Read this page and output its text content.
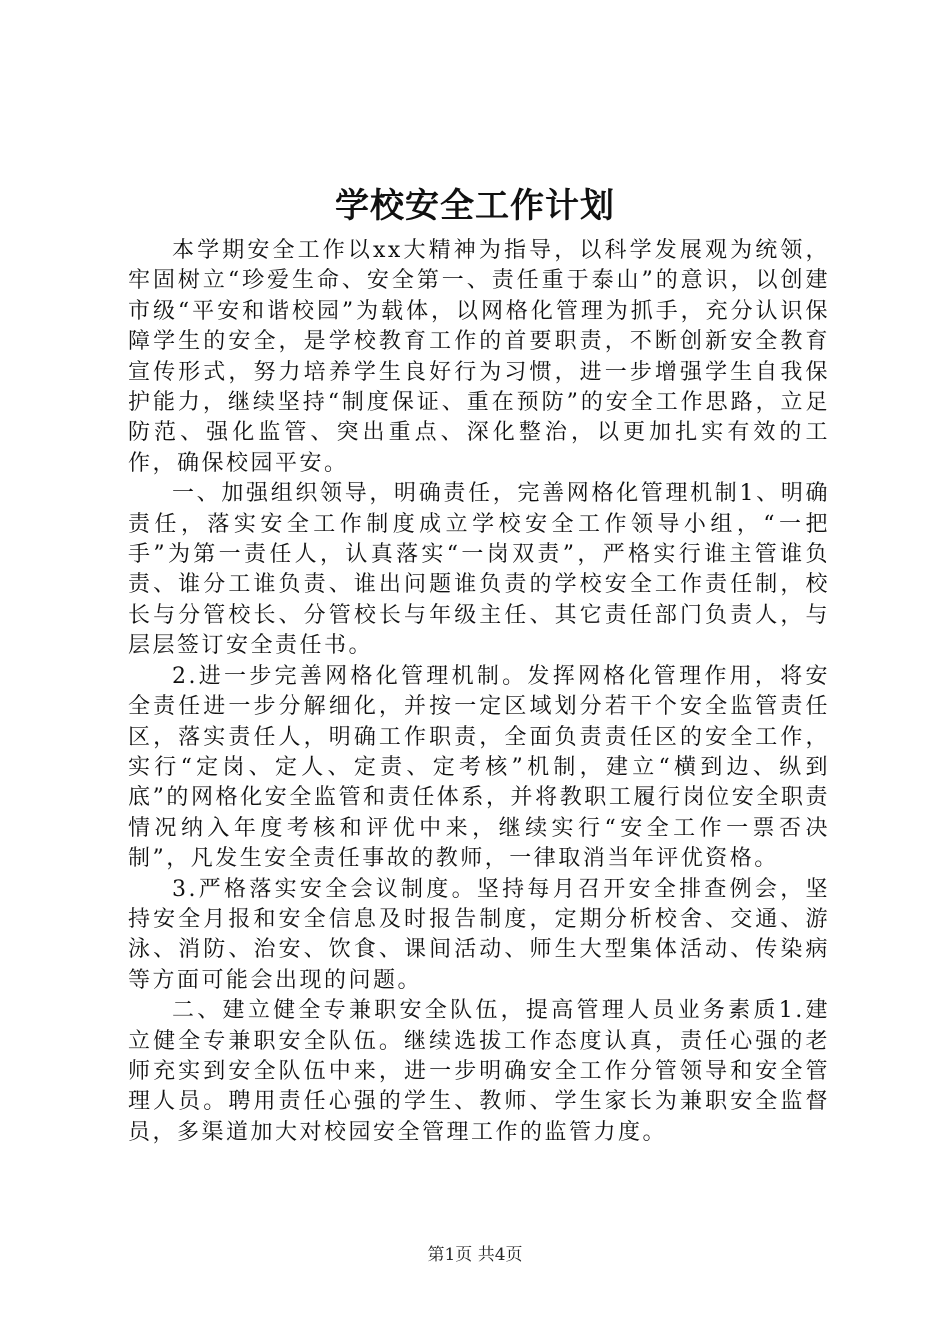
学校安全工作计划

本学期安全工作以xx大精神为指导，以科学发展观为统领，牢固树立“珍爱生命、安全第一、责任重于泰山”的意识，以创建市级“平安和谐校园”为载体，以网格化管理为抓手，充分认识保障学生的安全，是学校教育工作的首要职责，不断创新安全教育宣传形式，努力培养学生良好行为习惯，进一步增强学生自我保护能力，继续坚持“制度保证、重在预防”的安全工作思路，立足防范、强化监管、突出重点、深化整治，以更加扎实有效的工作，确保校园平安。

一、加强组织领导，明确责任，完善网格化管理机制1、明确责任，落实安全工作制度成立学校安全工作领导小组，“一把手”为第一责任人，认真落实“一岗双责”，严格实行谁主管谁负责、谁分工谁负责、谁出问题谁负责的学校安全工作责任制，校长与分管校长、分管校长与年级主任、其它责任部门负责人，与层层签订安全责任书。

2.进一步完善网格化管理机制。发挥网格化管理作用，将安全责任进一步分解细化，并按一定区域划分若干个安全监管责任区，落实责任人，明确工作职责，全面负责责任区的安全工作，实行“定岗、定人、定责、定考核”机制，建立“横到边、纵到底”的网格化安全监管和责任体系，并将教职工履行岗位安全职责情况纳入年度考核和评优中来，继续实行“安全工作一票否决制”，凡发生安全责任事故的教师，一律取消当年评优资格。

3.严格落实安全会议制度。坚持每月召开安全排查例会，坚持安全月报和安全信息及时报告制度，定期分析校舍、交通、游泳、消防、治安、饮食、课间活动、师生大型集体活动、传染病等方面可能会出现的问题。

二、建立健全专兼职安全队伍，提高管理人员业务素质1.建立健全专兼职安全队伍。继续选拔工作态度认真，责任心强的老师充实到安全队伍中来，进一步明确安全工作分管领导和安全管理人员。聘用责任心强的学生、教师、学生家长为兼职安全监督员，多渠道加大对校园安全管理工作的监管力度。

第1页 共4页
